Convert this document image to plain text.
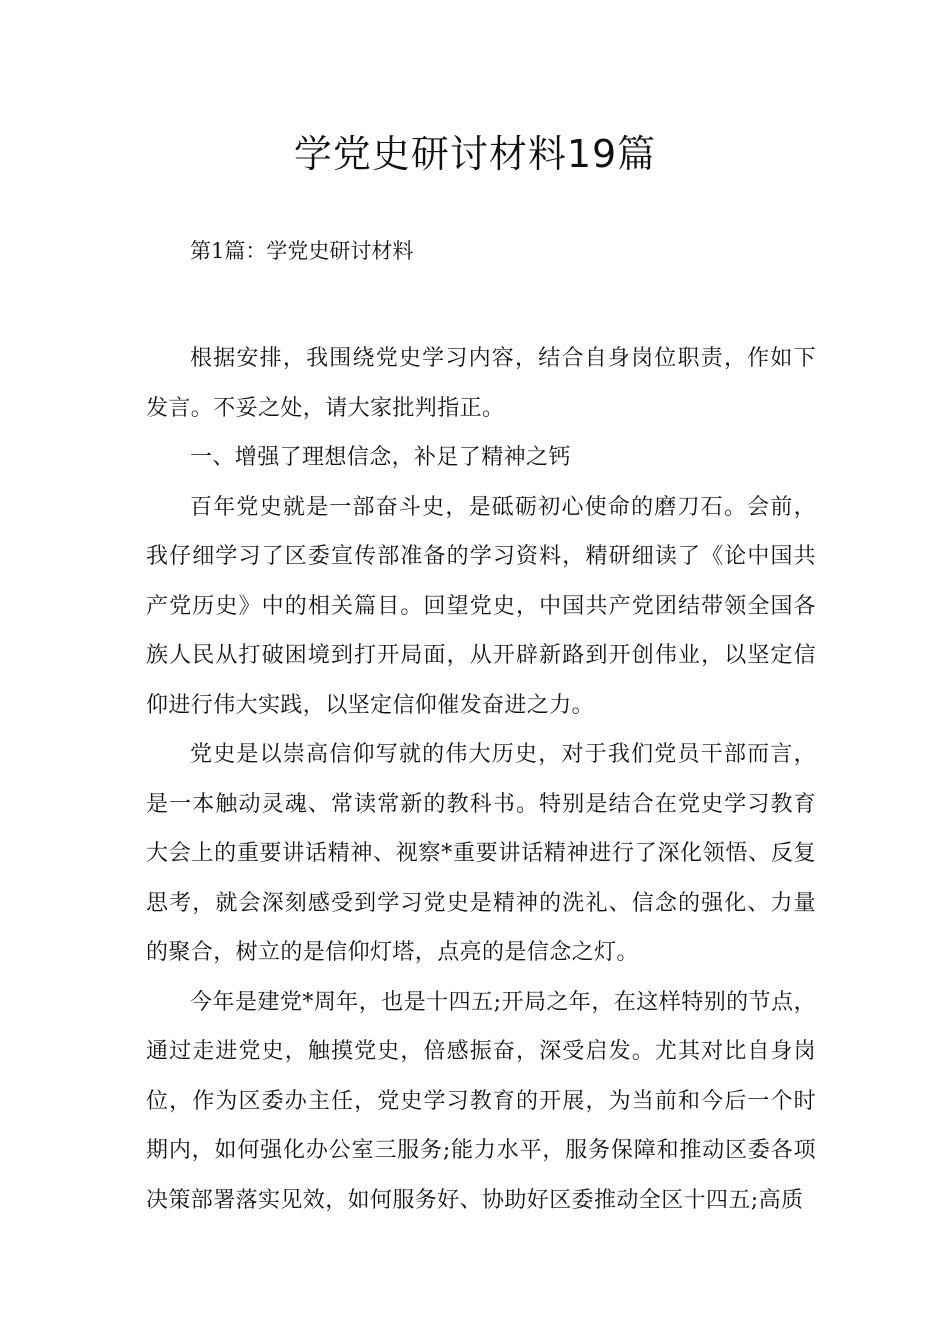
学党史研讨材料19篇

第1篇：学党史研讨材料

根据安排，我围绕党史学习内容，结合自身岗位职责，作如下发言。不妥之处，请大家批判指正。

一、增强了理想信念，补足了精神之钙

百年党史就是一部奋斗史，是砥砺初心使命的磨刀石。会前，我仔细学习了区委宣传部准备的学习资料，精研细读了《论中国共产党历史》中的相关篇目。回望党史，中国共产党团结带领全国各族人民从打破困境到打开局面，从开辟新路到开创伟业，以坚定信仰进行伟大实践，以坚定信仰催发奋进之力。

党史是以崇高信仰写就的伟大历史，对于我们党员干部而言，是一本触动灵魂、常读常新的教科书。特别是结合在党史学习教育大会上的重要讲话精神、视察*重要讲话精神进行了深化领悟、反复思考，就会深刻感受到学习党史是精神的洗礼、信念的强化、力量的聚合，树立的是信仰灯塔，点亮的是信念之灯。

今年是建党*周年，也是十四五;开局之年，在这样特别的节点，通过走进党史，触摸党史，倍感振奋，深受启发。尤其对比自身岗位，作为区委办主任，党史学习教育的开展，为当前和今后一个时期内，如何强化办公室三服务;能力水平，服务保障和推动区委各项决策部署落实见效，如何服务好、协助好区委推动全区十四五;高质
